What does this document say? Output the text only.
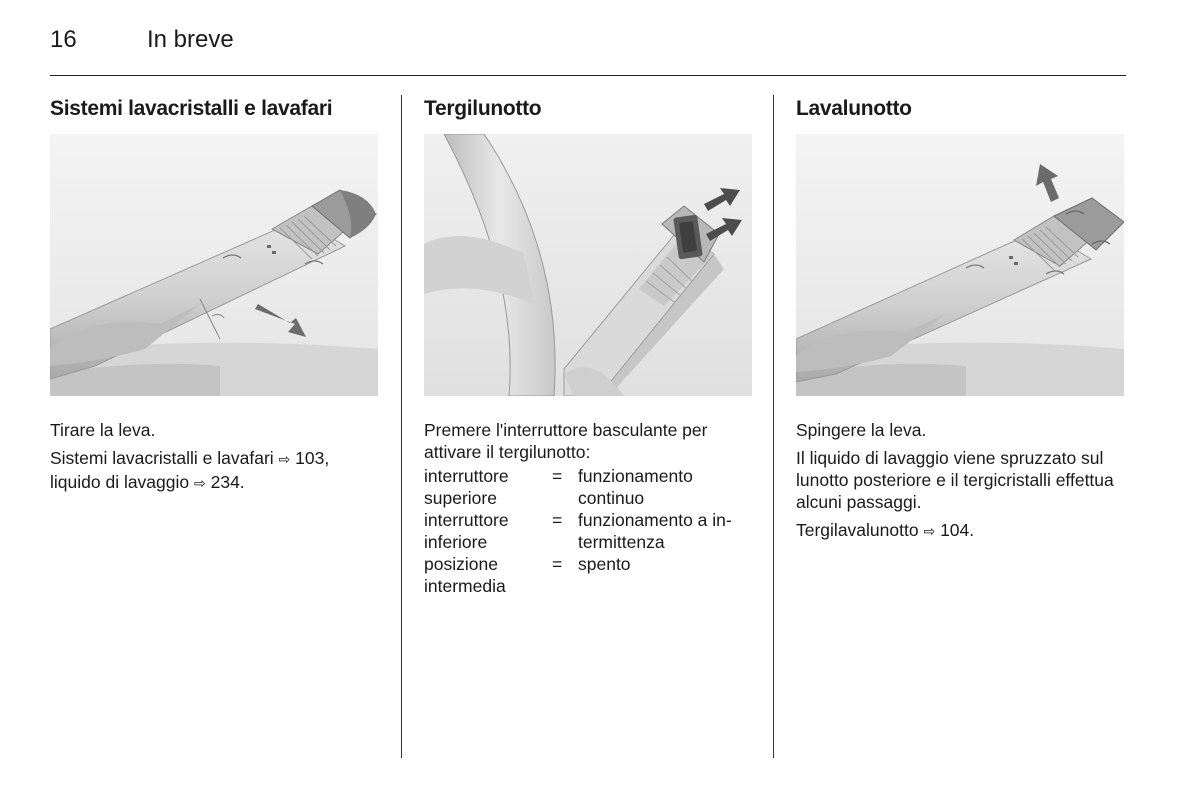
16	In breve
Sistemi lavacristalli e lavafari

Tirare la leva.

Sistemi lavacristalli e lavafari ⇨ 103,
liquido di lavaggio ⇨ 234.

Tergilunotto

Premere l'interruttore basculante per attivare il tergilunotto:

interruttore
superiore
= funzionamento
continuo
interruttore
inferiore
= funzionamento a in-
termittenza
posizione
intermedia
= spento
Lavalunotto

Spingere la leva.

Il liquido di lavaggio viene spruzzato sul lunotto posteriore e il tergicristalli effettua alcuni passaggi.

Tergilavalunotto ⇨ 104.
